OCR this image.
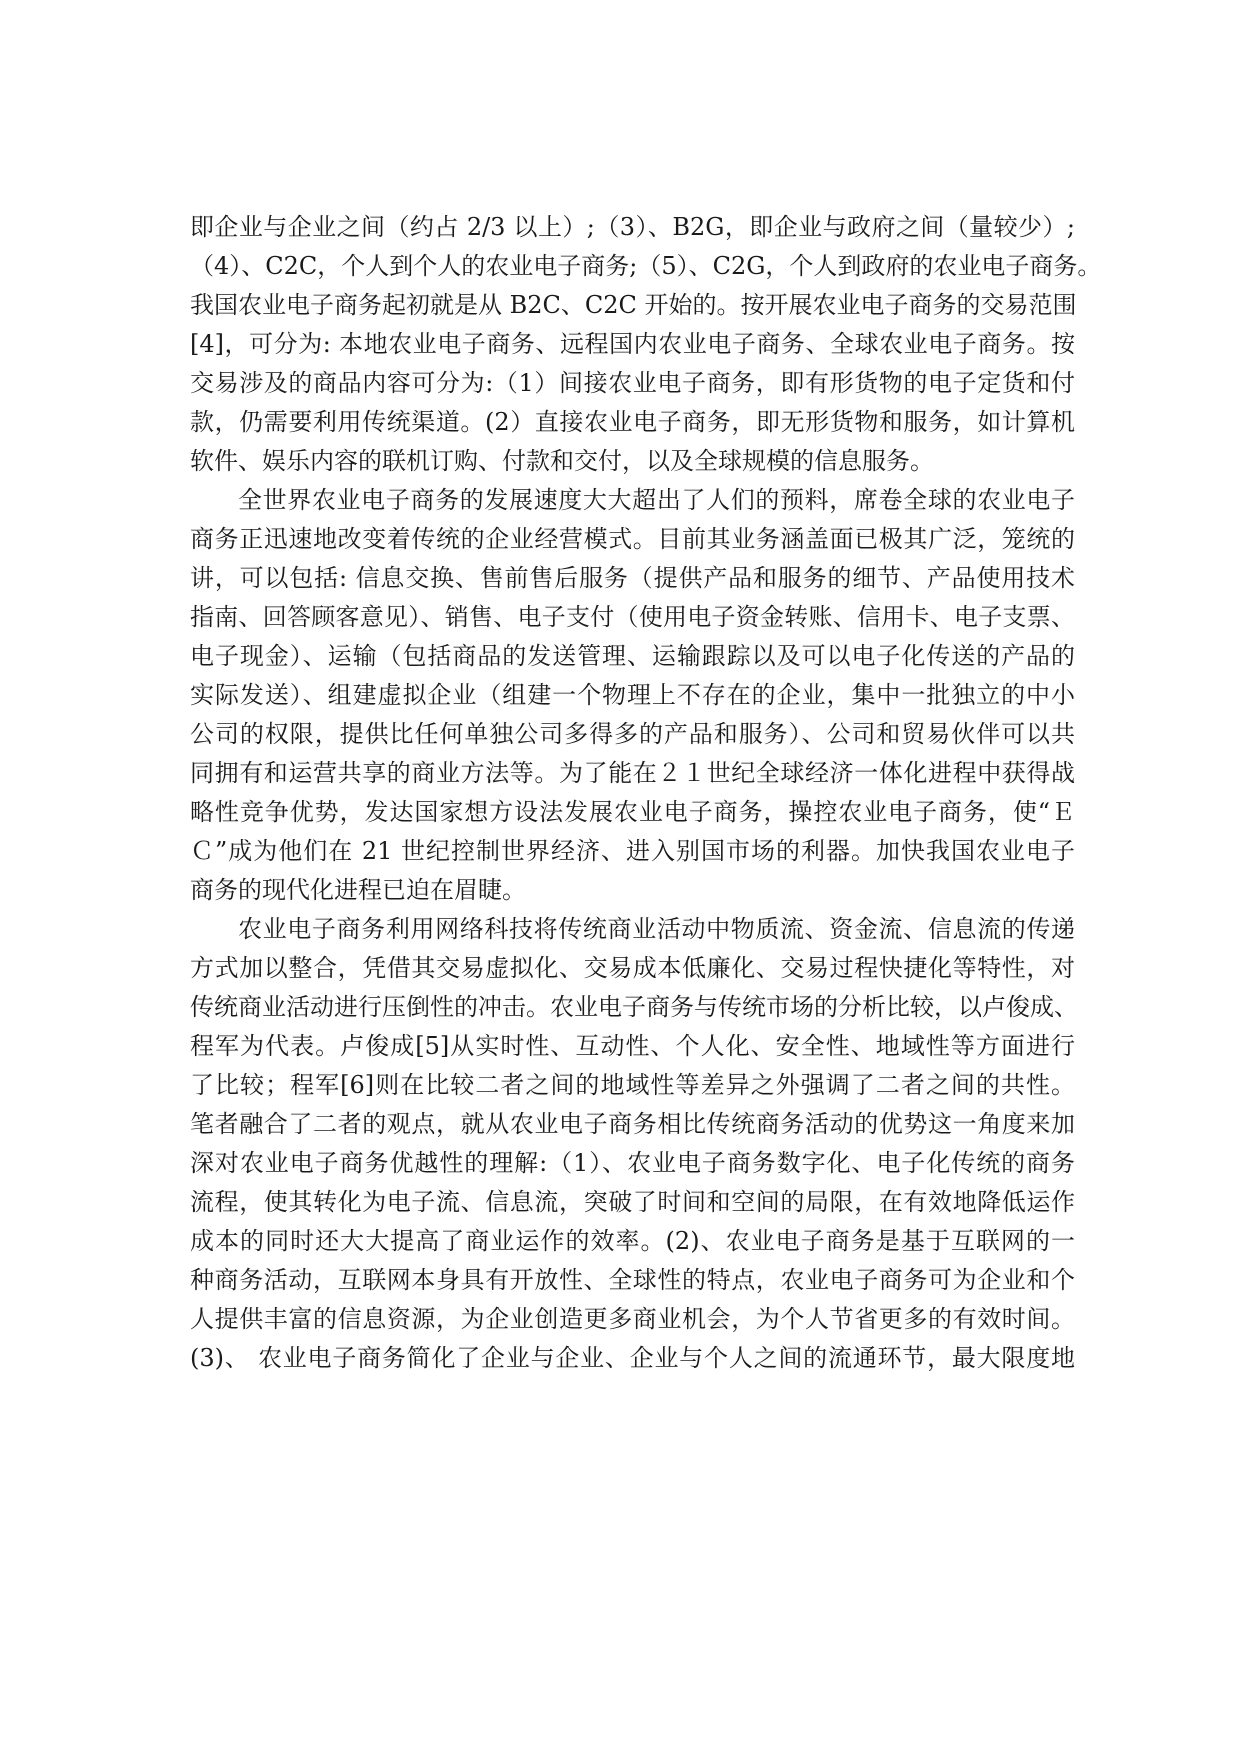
即企业与企业之间（约占 2/3 以上）;（3）、B2G，即企业与政府之间（量较少）;
（4）、C2C，个人到个人的农业电子商务;（5）、C2G，个人到政府的农业电子商务。
我国农业电子商务起初就是从 B2C、C2C 开始的。按开展农业电子商务的交易范围
[4]，可分为: 本地农业电子商务、远程国内农业电子商务、全球农业电子商务。按
交易涉及的商品内容可分为:（1）间接农业电子商务，即有形货物的电子定货和付
款，仍需要利用传统渠道。(2）直接农业电子商务，即无形货物和服务，如计算机
软件、娱乐内容的联机订购、付款和交付，以及全球规模的信息服务。
全世界农业电子商务的发展速度大大超出了人们的预料，席卷全球的农业电子
商务正迅速地改变着传统的企业经营模式。目前其业务涵盖面已极其广泛，笼统的
讲，可以包括: 信息交换、售前售后服务（提供产品和服务的细节、产品使用技术
指南、回答顾客意见）、销售、电子支付（使用电子资金转账、信用卡、电子支票、
电子现金）、运输（包括商品的发送管理、运输跟踪以及可以电子化传送的产品的
实际发送）、组建虚拟企业（组建一个物理上不存在的企业，集中一批独立的中小
公司的权限，提供比任何单独公司多得多的产品和服务）、公司和贸易伙伴可以共
同拥有和运营共享的商业方法等。为了能在２１世纪全球经济一体化进程中获得战
略性竞争优势，发达国家想方设法发展农业电子商务，操控农业电子商务，使“Ｅ
Ｃ”成为他们在 21 世纪控制世界经济、进入别国市场的利器。加快我国农业电子
商务的现代化进程已迫在眉睫。
农业电子商务利用网络科技将传统商业活动中物质流、资金流、信息流的传递
方式加以整合，凭借其交易虚拟化、交易成本低廉化、交易过程快捷化等特性，对
传统商业活动进行压倒性的冲击。农业电子商务与传统市场的分析比较，以卢俊成、
程军为代表。卢俊成[5]从实时性、互动性、个人化、安全性、地域性等方面进行
了比较；程军[6]则在比较二者之间的地域性等差异之外强调了二者之间的共性。
笔者融合了二者的观点，就从农业电子商务相比传统商务活动的优势这一角度来加
深对农业电子商务优越性的理解:（1）、农业电子商务数字化、电子化传统的商务
流程，使其转化为电子流、信息流，突破了时间和空间的局限，在有效地降低运作
成本的同时还大大提高了商业运作的效率。(2)、农业电子商务是基于互联网的一
种商务活动，互联网本身具有开放性、全球性的特点，农业电子商务可为企业和个
人提供丰富的信息资源，为企业创造更多商业机会，为个人节省更多的有效时间。
(3)、 农业电子商务简化了企业与企业、企业与个人之间的流通环节，最大限度地
